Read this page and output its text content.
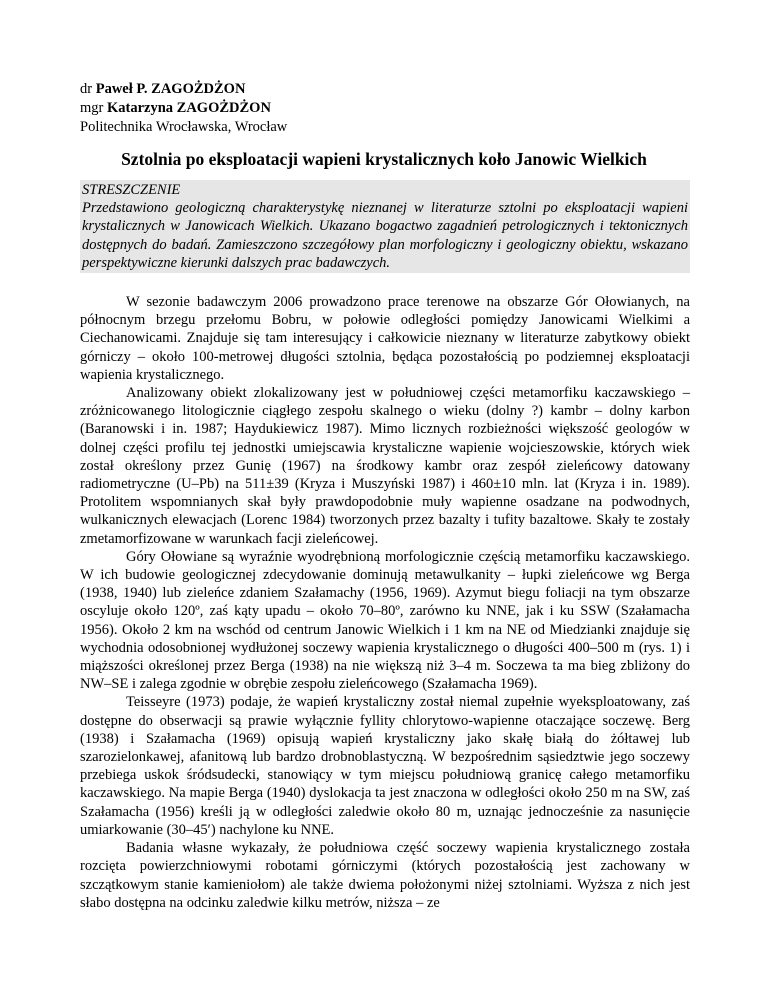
dr Paweł P. ZAGOŻDŻON
mgr Katarzyna ZAGOŻDŻON
Politechnika Wrocławska, Wrocław
Sztolnia po eksploatacji wapieni krystalicznych koło Janowic Wielkich
STRESZCZENIE
Przedstawiono geologiczną charakterystykę nieznanej w literaturze sztolni po eksploatacji wapieni krystalicznych w Janowicach Wielkich. Ukazano bogactwo zagadnień petrologicznych i tektonicznych dostępnych do badań. Zamieszczono szczegółowy plan morfologiczny i geologiczny obiektu, wskazano perspektywiczne kierunki dalszych prac badawczych.

W sezonie badawczym 2006 prowadzono prace terenowe na obszarze Gór Ołowianych, na północnym brzegu przełomu Bobru, w połowie odległości pomiędzy Janowicami Wielkimi a Ciechanowicami. Znajduje się tam interesujący i całkowicie nieznany w literaturze zabytkowy obiekt górniczy – około 100-metrowej długości sztolnia, będąca pozostałością po podziemnej eksploatacji wapienia krystalicznego.

Analizowany obiekt zlokalizowany jest w południowej części metamorfiku kaczawskiego – zróżnicowanego litologicznie ciągłego zespołu skalnego o wieku (dolny ?) kambr – dolny karbon (Baranowski i in. 1987; Haydukiewicz 1987). Mimo licznych rozbieżności większość geologów w dolnej części profilu tej jednostki umiejscawia krystaliczne wapienie wojcieszowskie, których wiek został określony przez Gunię (1967) na środkowy kambr oraz zespół zieleńcowy datowany radiometryczne (U–Pb) na 511±39 (Kryza i Muszyński 1987) i 460±10 mln. lat (Kryza i in. 1989). Protolitem wspomnianych skał były prawdopodobnie muły wapienne osadzane na podwodnych, wulkanicznych elewacjach (Lorenc 1984) tworzonych przez bazalty i tufity bazaltowe. Skały te zostały zmetamorfizowane w warunkach facji zieleńcowej.

Góry Ołowiane są wyraźnie wyodrębnioną morfologicznie częścią metamorfiku kaczawskiego. W ich budowie geologicznej zdecydowanie dominują metawulkanity – łupki zieleńcowe wg Berga (1938, 1940) lub zieleńce zdaniem Szałamachy (1956, 1969). Azymut biegu foliacji na tym obszarze oscyluje około 120º, zaś kąty upadu – około 70–80º, zarówno ku NNE, jak i ku SSW (Szałamacha 1956). Około 2 km na wschód od centrum Janowic Wielkich i 1 km na NE od Miedzianki znajduje się wychodnia odosobnionej wydłużonej soczewy wapienia krystalicznego o długości 400–500 m (rys. 1) i miąższości określonej przez Berga (1938) na nie większą niż 3–4 m. Soczewa ta ma bieg zbliżony do NW–SE i zalega zgodnie w obrębie zespołu zieleńcowego (Szałamacha 1969).

Teisseyre (1973) podaje, że wapień krystaliczny został niemal zupełnie wyeksploatowany, zaś dostępne do obserwacji są prawie wyłącznie fyllity chlorytowo-wapienne otaczające soczewę. Berg (1938) i Szałamacha (1969) opisują wapień krystaliczny jako skałę białą do żółtawej lub szarozielonkawej, afanitową lub bardzo drobnoblastyczną. W bezpośrednim sąsiedztwie jego soczewy przebiega uskok śródsudecki, stanowiący w tym miejscu południową granicę całego metamorfiku kaczawskiego. Na mapie Berga (1940) dyslokacja ta jest znaczona w odległości około 250 m na SW, zaś Szałamacha (1956) kreśli ją w odległości zaledwie około 80 m, uznając jednocześnie za nasunięcie umiarkowanie (30–45ʹ) nachylone ku NNE.

Badania własne wykazały, że południowa część soczewy wapienia krystalicznego została rozcięta powierzchniowymi robotami górniczymi (których pozostałością jest zachowany w szczątkowym stanie kamieniołom) ale także dwiema położonymi niżej sztolniami. Wyższa z nich jest słabo dostępna na odcinku zaledwie kilku metrów, niższa – ze
